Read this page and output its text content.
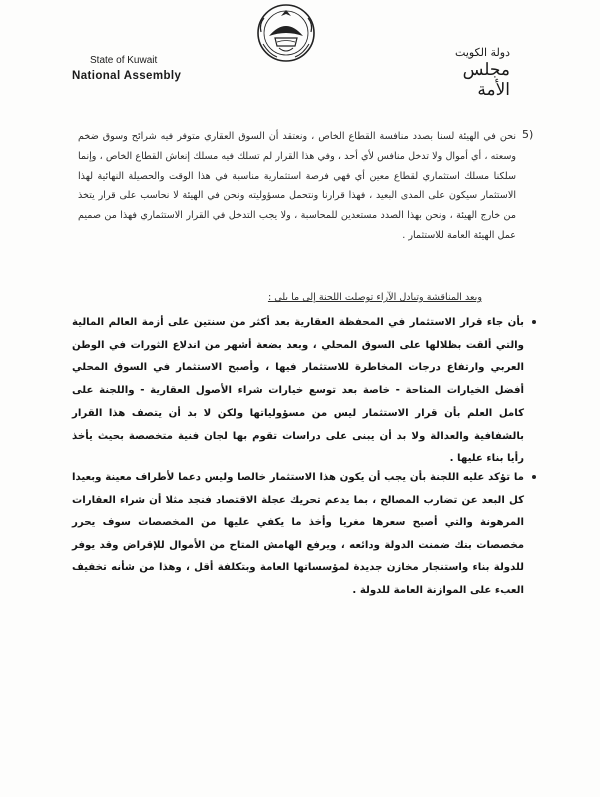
State of Kuwait
National Assembly
دولة الكويت
مجلس الأمة
5)
نحن في الهيئة لسنا بصدد منافسة القطاع الخاص ، ونعتقد أن السوق العقاري متوفر فيه شرائح وسوق ضخم وسعته ، أي أموال ولا تدخل منافس لأي أحد ، وفي هذا القرار لم تسلك فيه مسلك إنعاش القطاع الخاص ، وإنما سلكنا مسلك استثماري لقطاع معين أي فهي فرصة استثمارية مناسبة في هذا الوقت والحصيلة النهائية لهذا الاستثمار سيكون على المدى البعيد ، فهذا قرارنا ونتحمل مسؤوليته ونحن في الهيئة لا نحاسب على قرار يتخذ من خارج الهيئة ، ونحن بهذا الصدد مستعدين للمحاسبة ، ولا يجب التدخل في القرار الاستثماري فهذا من صميم عمل الهيئة العامة للاستثمار .
وبعد المناقشة وتبادل الآراء توصلت اللجنة إلى ما يلي :
بأن جاء قرار الاستثمار في المحفظة العقارية بعد أكثر من سنتين على أزمة العالم المالية والتي ألقت بظلالها على السوق المحلي ، وبعد بضعة أشهر من اندلاع الثورات في الوطن العربي وارتفاع درجات المخاطرة للاستثمار فيها ، وأصبح الاستثمار في السوق المحلي أفضل الخيارات المتاحة - خاصة بعد توسع خيارات شراء الأصول العقارية - واللجنة على كامل العلم بأن قرار الاستثمار ليس من مسؤولياتها ولكن لا بد أن يتصف هذا القرار بالشفافية والعدالة ولا بد أن يبنى على دراسات تقوم بها لجان فنية متخصصة بحيث يأخذ رأيا بناء عليها .
ما تؤكد عليه اللجنة بأن يجب أن يكون هذا الاستثمار خالصا وليس دعما لأطراف معينة وبعيدا كل البعد عن تضارب المصالح ، بما يدعم تحريك عجلة الاقتصاد فنجد مثلا أن شراء العقارات المرهونة والتي أصبح سعرها مغريا وأخذ ما يكفي عليها من المخصصات سوف يحرر مخصصات بنك ضمنت الدولة ودائعه ، ويرفع الهامش المتاح من الأموال للإقراض وقد يوفر للدولة بناء واستنجار مخازن جديدة لمؤسساتها العامة وبتكلفة أقل ، وهذا من شأنه تخفيف العبء على الموازنة العامة للدولة .
